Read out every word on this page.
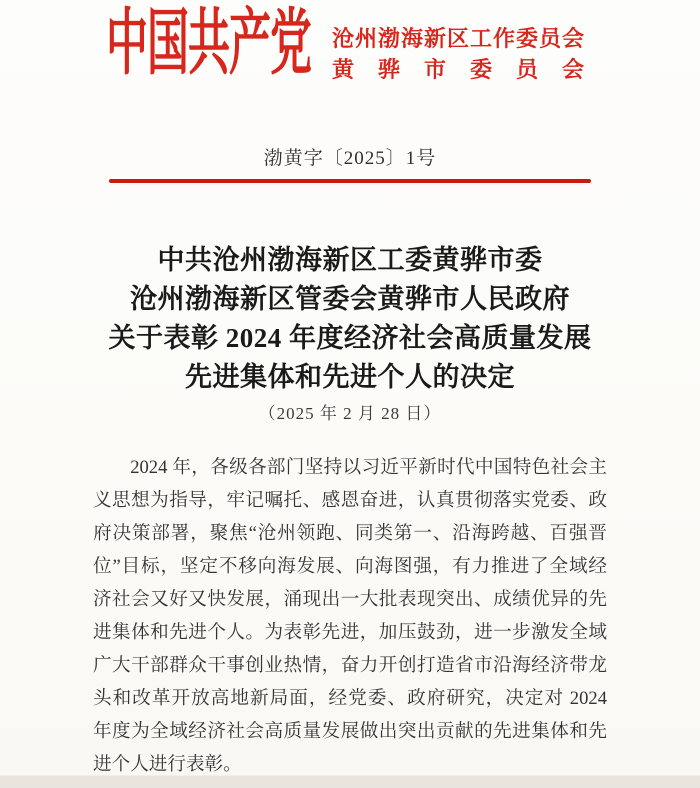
中国共产党 沧州渤海新区工作委员会
黄骅市委员会
渤黄字〔2025〕1号
中共沧州渤海新区工委黄骅市委
沧州渤海新区管委会黄骅市人民政府
关于表彰 2024 年度经济社会高质量发展
先进集体和先进个人的决定
（2025 年 2 月 28 日）
2024 年，各级各部门坚持以习近平新时代中国特色社会主
义思想为指导，牢记嘱托、感恩奋进，认真贯彻落实党委、政
府决策部署，聚焦“沧州领跑、同类第一、沿海跨越、百强晋
位”目标，坚定不移向海发展、向海图强，有力推进了全域经
济社会又好又快发展，涌现出一大批表现突出、成绩优异的先
进集体和先进个人。为表彰先进，加压鼓劲，进一步激发全域
广大干部群众干事创业热情，奋力开创打造省市沿海经济带龙
头和改革开放高地新局面，经党委、政府研究，决定对 2024
年度为全域经济社会高质量发展做出突出贡献的先进集体和先
进个人进行表彰。
